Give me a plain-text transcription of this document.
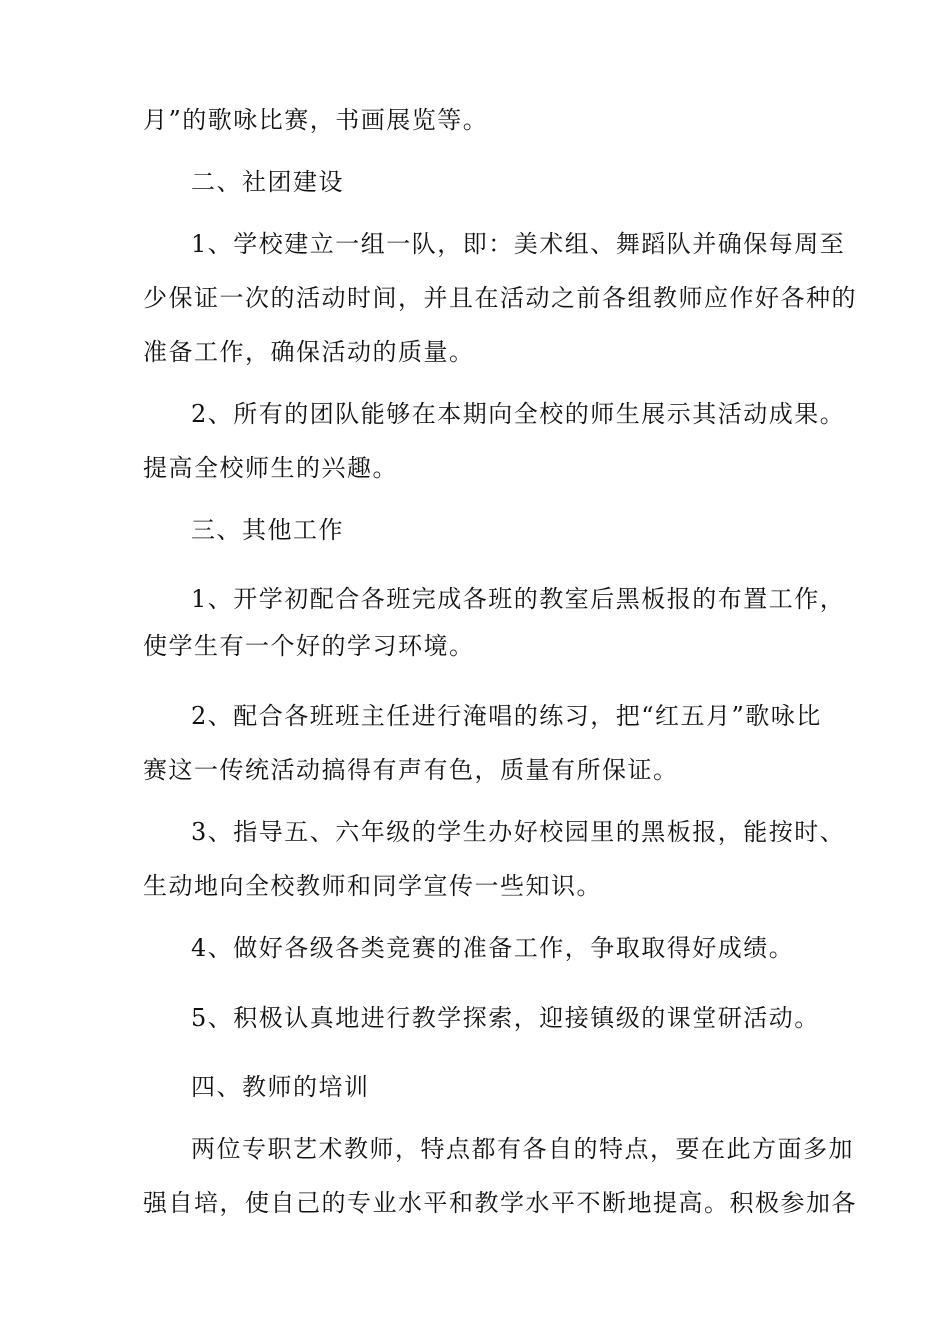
月”的歌咏比赛，书画展览等。
二、社团建设
1、学校建立一组一队，即：美术组、舞蹈队并确保每周至
少保证一次的活动时间，并且在活动之前各组教师应作好各种的
准备工作，确保活动的质量。
2、所有的团队能够在本期向全校的师生展示其活动成果。
提高全校师生的兴趣。
三、其他工作
1、开学初配合各班完成各班的教室后黑板报的布置工作，
使学生有一个好的学习环境。
2、配合各班班主任进行淹唱的练习，把“红五月”歌咏比
赛这一传统活动搞得有声有色，质量有所保证。
3、指导五、六年级的学生办好校园里的黑板报，能按时、
生动地向全校教师和同学宣传一些知识。
4、做好各级各类竞赛的准备工作，争取取得好成绩。
5、积极认真地进行教学探索，迎接镇级的课堂研活动。
四、教师的培训
两位专职艺术教师，特点都有各自的特点，要在此方面多加
强自培，使自己的专业水平和教学水平不断地提高。积极参加各
